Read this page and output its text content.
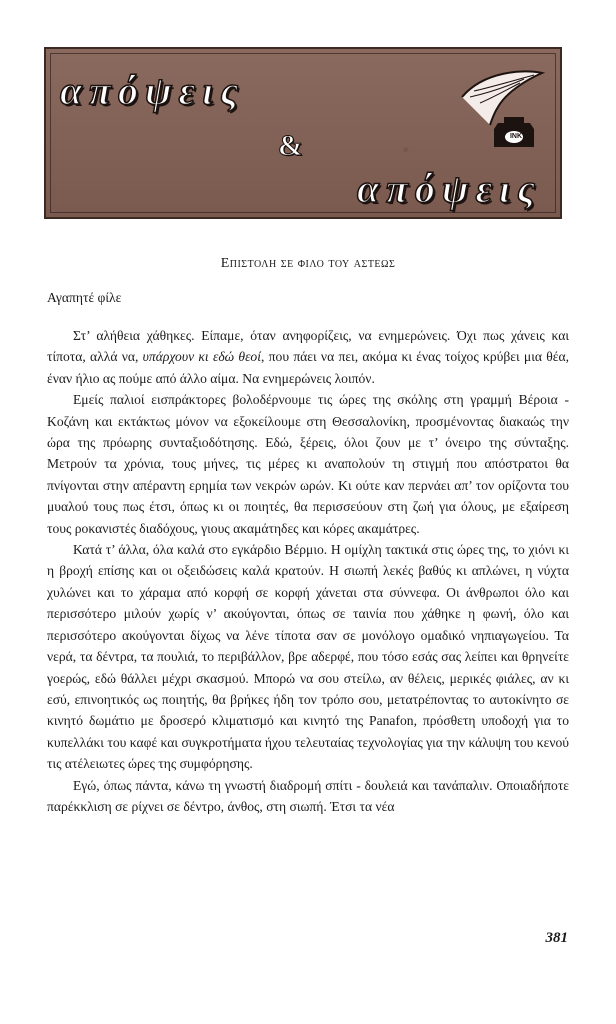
απόψεις
&
απόψεις
INK
Επιστολη σε φιλο του αστεως
Αγαπητέ φίλε

Στ’ αλήθεια χάθηκες. Είπαμε, όταν ανηφορίζεις, να ενημερώνεις. Όχι πως χάνεις και τίποτα, αλλά να, υπάρχουν κι εδώ θεοί, που πάει να πει, ακόμα κι ένας τοίχος κρύβει μια θέα, έναν ήλιο ας πούμε από άλλο αίμα. Να ενημερώνεις λοιπόν.

Εμείς παλιοί εισπράκτορες βολοδέρνουμε τις ώρες της σκόλης στη γραμμή Βέροια - Κοζάνη και εκτάκτως μόνον να εξοκείλουμε στη Θεσσαλονίκη, προσμένοντας διακαώς την ώρα της πρόωρης συνταξιοδότησης. Εδώ, ξέρεις, όλοι ζουν με τ’ όνειρο της σύνταξης. Μετρούν τα χρόνια, τους μήνες, τις μέρες κι αναπολούν τη στιγμή που απόστρατοι θα πνίγονται στην απέραντη ερημία των νεκρών ωρών. Κι ούτε καν περνάει απ’ τον ορίζοντα του μυαλού τους πως έτσι, όπως κι οι ποιητές, θα περισσεύουν στη ζωή για όλους, με εξαίρεση τους ροκανιστές διαδόχους, γιους ακαμάτηδες και κόρες ακαμάτρες.

Κατά τ’ άλλα, όλα καλά στο εγκάρδιο Βέρμιο. Η ομίχλη τακτικά στις ώρες της, το χιόνι κι η βροχή επίσης και οι οξειδώσεις καλά κρατούν. Η σιωπή λεκές βαθύς κι απλώνει, η νύχτα χυλώνει και το χάραμα από κορφή σε κορφή χάνεται στα σύννεφα. Οι άνθρωποι όλο και περισσότερο μιλούν χωρίς ν’ ακούγονται, όπως σε ταινία που χάθηκε η φωνή, όλο και περισσότερο ακούγονται δίχως να λένε τίποτα σαν σε μονόλογο ομαδικό νηπιαγωγείου. Τα νερά, τα δέντρα, τα πουλιά, το περιβάλλον, βρε αδερφέ, που τόσο εσάς σας λείπει και θρηνείτε γοερώς, εδώ θάλλει μέχρι σκασμού. Μπορώ να σου στείλω, αν θέλεις, μερικές φιάλες, αν κι εσύ, επινοητικός ως ποιητής, θα βρήκες ήδη τον τρόπο σου, μετατρέποντας το αυτοκίνητο σε κινητό δωμάτιο με δροσερό κλιματισμό και κινητό της Panafon, πρόσθετη υποδοχή για το κυπελλάκι του καφέ και συγκροτήματα ήχου τελευταίας τεχνολογίας για την κάλυψη του κενού τις ατέλειωτες ώρες της συμφόρησης.

Εγώ, όπως πάντα, κάνω τη γνωστή διαδρομή σπίτι - δουλειά και τανάπαλιν. Οποιαδήποτε παρέκκλιση σε ρίχνει σε δέντρο, άνθος, στη σιωπή. Έτσι τα νέα

381
